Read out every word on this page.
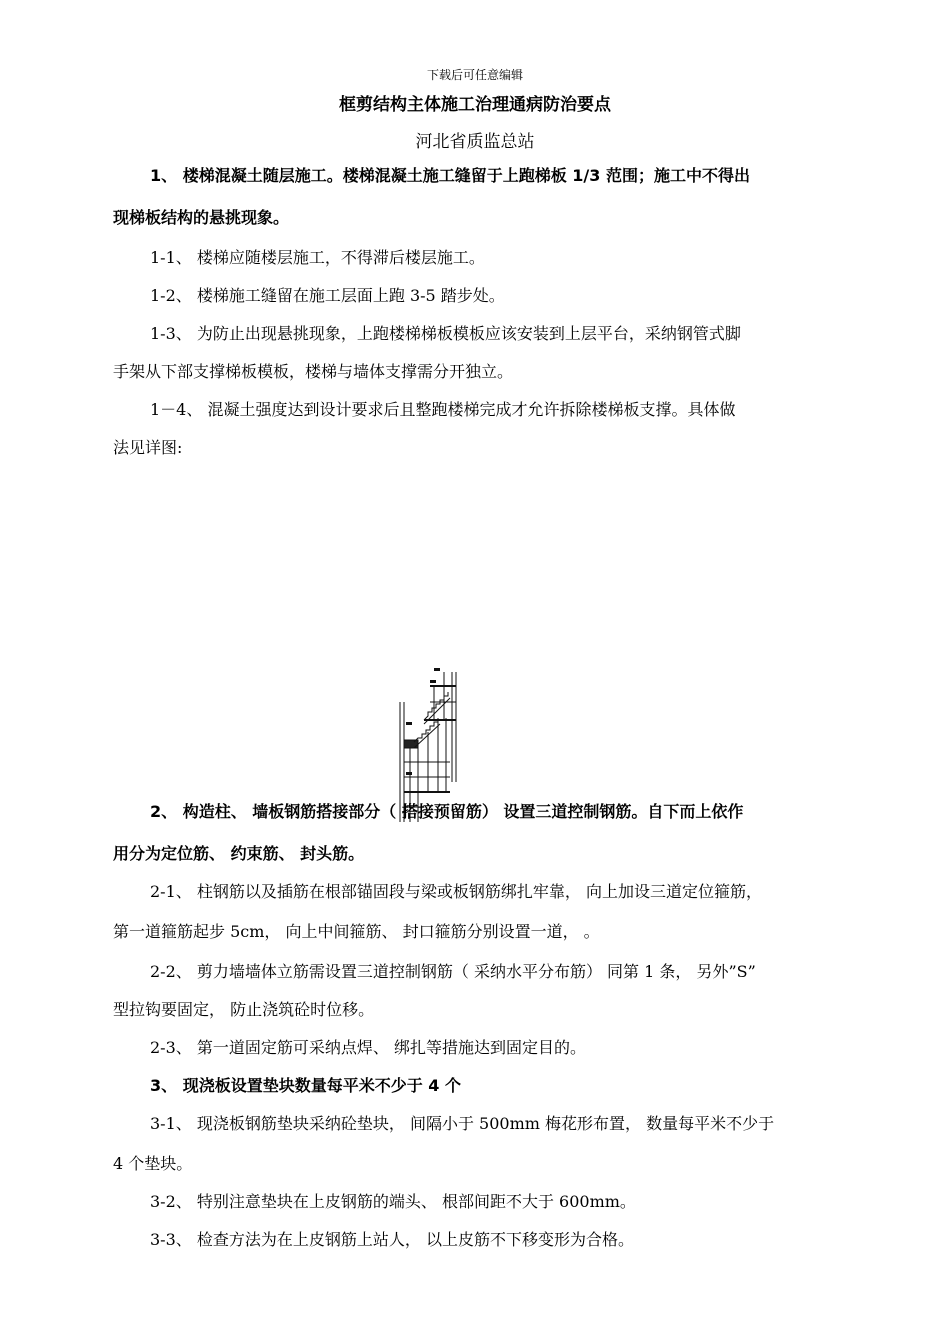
下载后可任意编辑
框剪结构主体施工治理通病防治要点
河北省质监总站
1、 楼梯混凝土随层施工。楼梯混凝土施工缝留于上跑梯板 1/3 范围；施工中不得出
现梯板结构的悬挑现象。
1-1、 楼梯应随楼层施工，不得滞后楼层施工。
1-2、 楼梯施工缝留在施工层面上跑 3-5 踏步处。
1-3、 为防止出现悬挑现象，上跑楼梯梯板模板应该安装到上层平台，采纳钢管式脚
手架从下部支撑梯板模板，楼梯与墙体支撑需分开独立。
1－4、 混凝土强度达到设计要求后且整跑楼梯完成才允许拆除楼梯板支撑。具体做
法见详图:
2、 构造柱、 墙板钢筋搭接部分（ 搭接预留筋） 设置三道控制钢筋。自下而上依作
用分为定位筋、 约束筋、 封头筋。
2-1、 柱钢筋以及插筋在根部锚固段与梁或板钢筋绑扎牢靠， 向上加设三道定位箍筋，
第一道箍筋起步 5cm， 向上中间箍筋、 封口箍筋分别设置一道， 。
2-2、 剪力墙墙体立筋需设置三道控制钢筋（ 采纳水平分布筋） 同第 1 条， 另外”S”
型拉钩要固定， 防止浇筑砼时位移。
2-3、 第一道固定筋可采纳点焊、 绑扎等措施达到固定目的。
3、 现浇板设置垫块数量每平米不少于 4 个
3-1、 现浇板钢筋垫块采纳砼垫块， 间隔小于 500mm 梅花形布置， 数量每平米不少于
4 个垫块。
3-2、 特别注意垫块在上皮钢筋的端头、 根部间距不大于 600mm。
3-3、 检查方法为在上皮钢筋上站人， 以上皮筋不下移变形为合格。
